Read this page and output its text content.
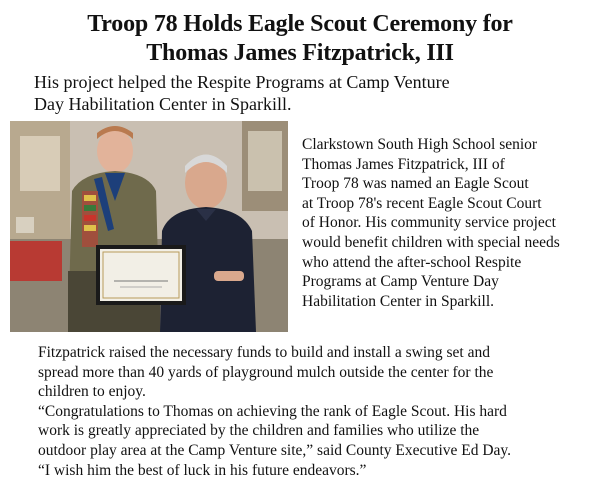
Troop 78 Holds Eagle Scout Ceremony for
Thomas James Fitzpatrick, III
His project helped the Respite Programs at Camp Venture
Day Habilitation Center in Sparkill.
Clarkstown South High School senior
Thomas James Fitzpatrick, III of
Troop 78 was named an Eagle Scout
at Troop 78's recent Eagle Scout Court
of Honor. His community service project
would benefit children with special needs
who attend the after-school Respite
Programs at Camp Venture Day
Habilitation Center in Sparkill.
Fitzpatrick raised the necessary funds to build and install a swing set and
spread more than 40 yards of playground mulch outside the center for the
children to enjoy.
“Congratulations to Thomas on achieving the rank of Eagle Scout. His hard
work is greatly appreciated by the children and families who utilize the
outdoor play area at the Camp Venture site,” said County Executive Ed Day.
“I wish him the best of luck in his future endeavors.”
